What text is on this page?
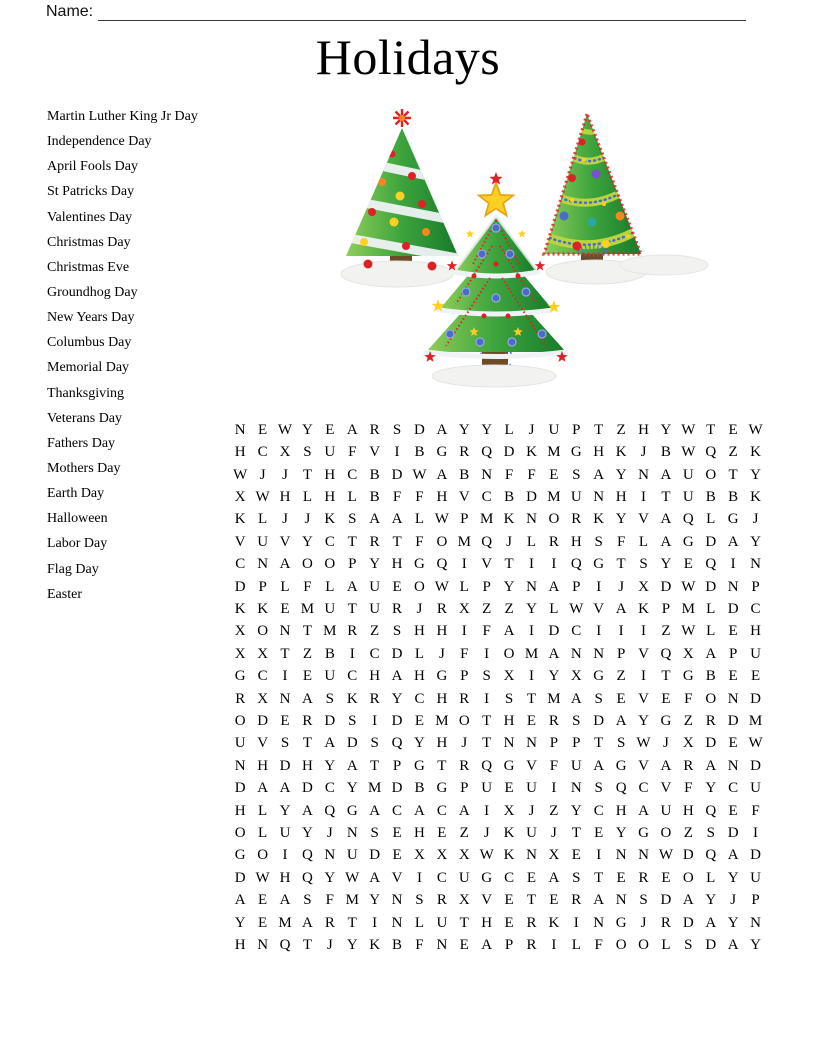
Name:
Holidays
Martin Luther King Jr Day
Independence Day
April Fools Day
St Patricks Day
Valentines Day
Christmas Day
Christmas Eve
Groundhog Day
New Years Day
Columbus Day
Memorial Day
Thanksgiving
Veterans Day
Fathers Day
Mothers Day
Earth Day
Halloween
Labor Day
Flag Day
Easter
N E W Y E A R S D A Y Y L J U P T Z H Y W T E W
H C X S U F V I B G R Q D K M G H K J B W Q Z K
W J	J T H C B D W A B N F F E S A Y N A U O T Y
X W H L H L B F F H V C B D M U N H I	T U B B K
K L J	J K S A A L W P M K N O R K Y V A Q L G J
V U V Y C T R T F O M Q J L R H S F L A G D A Y
C N A O O P Y H G Q I V T	I	I Q G T S Y E Q I N
D P L F L A U E O W L P Y N A P	I	J X D W D N P
K K E M U T U R J R X Z Z Y L W V A K P M L D C
X O N T M R Z S H H I	F A I D C I	I	I	Z W L E H
X X T Z B I C D L J	F	I O M A N N P V Q X A P U
G C I	E U C H A H G P S X I Y X G Z	I	T G B E E
R X N A S K R Y C H R I	S T M A S E V E F O N D
O D E R D S	I D E M O T H E R S D A Y G Z R D M
U V S T A D S Q Y H J T N N P P T S W J X D E W
N H D H Y A T P G T R Q G V F U A G V A R A N D
D A A D C Y M D B G P U E U I N S Q C V F Y C U
H L Y A Q G A C A C A I X J Z Y C H A U H Q E F
O L U Y J N S E H E Z J K U J T E Y G O Z S D I
G O I Q N U D E X X X W K N X E	I N N W D Q A D
D W H Q Y W A V I C U G C E A S T E R E O L Y U
A E A S F M Y N S R X V E T E R A N S D A Y J	P
Y E M A R T	I N L U T H E R K I N G J R D A Y N
H N Q T J Y K B F N E A P R I	L F O O L S D A Y
